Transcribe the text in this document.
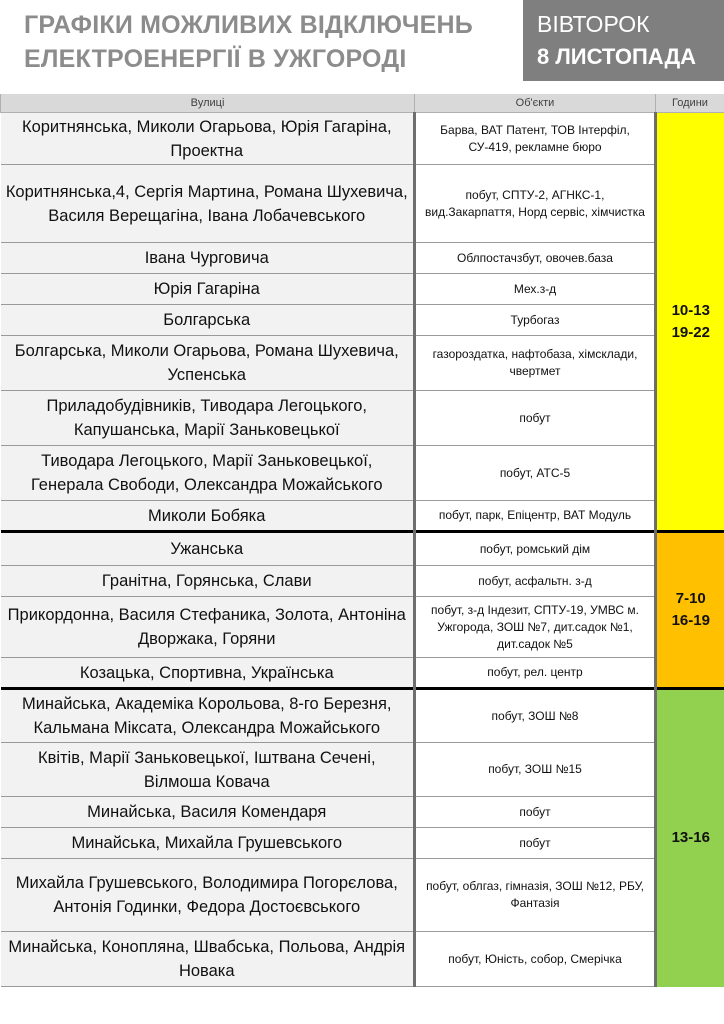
ГРАФІКИ МОЖЛИВИХ ВІДКЛЮЧЕНЬ
ЕЛЕКТРОЕНЕРГІЇ В УЖГОРОДІ
ВІВТОРОК
8 ЛИСТОПАДА
Вулиці	Об'єкти	Години
Коритнянська, Миколи Огарьова, Юрія Гагаріна, Проектна	Барва, ВАТ Патент, ТОВ Інтерфіл, СУ-419, рекламне бюро	10-13
19-22

Коритнянська,4, Сергія Мартина, Романа Шухевича, Василя Верещагіна, Івана Лобачевського	побут, СПТУ-2, АГНКС-1, вид.Закарпаття, Норд сервіс, хімчистка	
Івана Чурговича	Облпостачзбут, овочев.база	
Юрія Гагаріна	Мех.з-д	
Болгарська	Турбогаз	
Болгарська, Миколи Огарьова, Романа Шухевича, Успенська	газороздатка, нафтобаза, хімсклади, чвертмет	
Приладобудівників, Тиводара Легоцького, Капушанська, Марії Заньковецької	побут	
Тиводара Легоцького, Марії Заньковецької, Генерала Свободи, Олександра Можайського	побут, АТС-5	
Миколи Бобяка	побут, парк, Епіцентр, ВАТ Модуль	
Ужанська	побут, ромський дім	7-10
16-19

Гранітна, Горянська, Слави	побут, асфальтн. з-д	
Прикордонна, Василя Стефаника, Золота, Антоніна Дворжака, Горяни	побут, з-д Індезит, СПТУ-19, УМВС м. Ужгорода, ЗОШ №7, дит.садок №1, дит.садок №5	
Козацька, Спортивна, Українська	побут, рел. центр	
Минайська, Академіка Корольова, 8-го Березня, Кальмана Міксата, Олександра Можайського	побут, ЗОШ №8	13-16

Квітів, Марії Заньковецької, Іштвана Сечені, Вілмоша Ковача	побут, ЗОШ №15	
Минайська, Василя Комендаря	побут	
Минайська, Михайла Грушевського	побут	
Михайла Грушевського, Володимира Погорєлова, Антонія Годинки, Федора Достоєвського	побут, облгаз, гімназія, ЗОШ №12, РБУ, Фантазія	
Минайська, Конопляна, Швабська, Польова, Андрія Новака	побут, Юність, собор, Смерічка	
